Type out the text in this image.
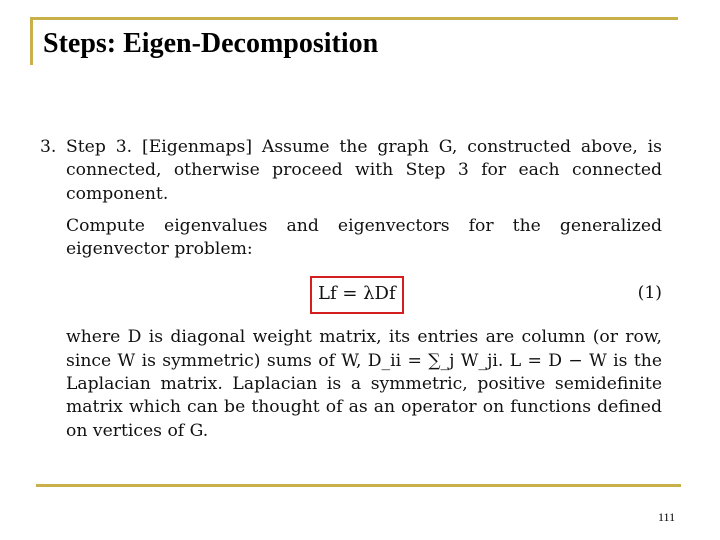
Steps: Eigen-Decomposition
3. Step 3. [Eigenmaps] Assume the graph G, constructed above, is connected, otherwise proceed with Step 3 for each connected component.

Compute eigenvalues and eigenvectors for the generalized eigenvector problem:

Lf = λDf	(1)

where D is diagonal weight matrix, its entries are column (or row, since W is symmetric) sums of W, D_ii = ∑_j W_ji. L = D − W is the Laplacian matrix. Laplacian is a symmetric, positive semidefinite matrix which can be thought of as an operator on functions defined on vertices of G.

111
